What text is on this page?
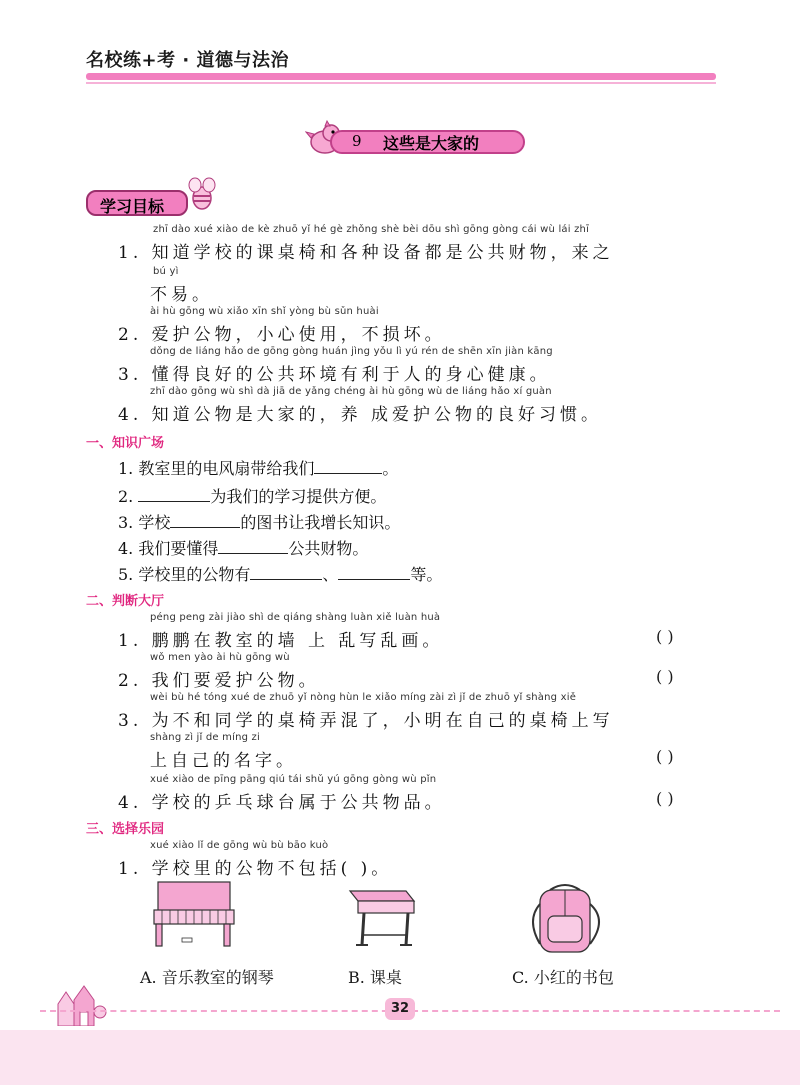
名校练+考 · 道德与法治
9 这些是大家的
学习目标
zhī dào xué xiào de kè zhuō yǐ hé gè zhǒng shè bèi dōu shì gōng gòng cái wù lái zhī
1. 知道学校的课桌椅和各种设备都是公共财物，来之
bú yì
不易。
ài hù gōng wù xiǎo xīn shǐ yòng bù sǔn huài
2. 爱护公物，小心使用，不损坏。
dǒng de liáng hǎo de gōng gòng huán jìng yǒu lì yú rén de shēn xīn jiàn kāng
3. 懂得良好的公共环境有利于人的身心健康。
zhī dào gōng wù shì dà jiā de yǎng chéng ài hù gōng wù de liáng hǎo xí guàn
4. 知道公物是大家的，养 成爱护公物的良好习惯。
一、知识广场
1. 教室里的电风扇带给我们	。
2.	为我们的学习提供方便。
3. 学校	的图书让我增长知识。
4. 我们要懂得	公共财物。
5. 学校里的公物有	、	等。
二、判断大厅
péng peng zài jiào shì de qiáng shàng luàn xiě luàn huà
1. 鹏鹏在教室的墙 上 乱写乱画。	( )
wǒ men yào ài hù gōng wù
2. 我们要爱护公物。	( )
wèi bù hé tóng xué de zhuō yǐ nòng hùn le xiǎo míng zài zì jǐ de zhuō yǐ shàng xiě
3. 为不和同学的桌椅弄混了，小明在自己的桌椅上写
shàng zì jǐ de míng zi
上自己的名字。	( )
xué xiào de pīng pāng qiú tái shǔ yú gōng gòng wù pǐn
4. 学校的乒乓球台属于公共物品。	( )
三、选择乐园
xué xiào lǐ de gōng wù bù bāo kuò
1. 学校里的公物不包括( )。
A. 音乐教室的钢琴	B. 课桌	C. 小红的书包
32
